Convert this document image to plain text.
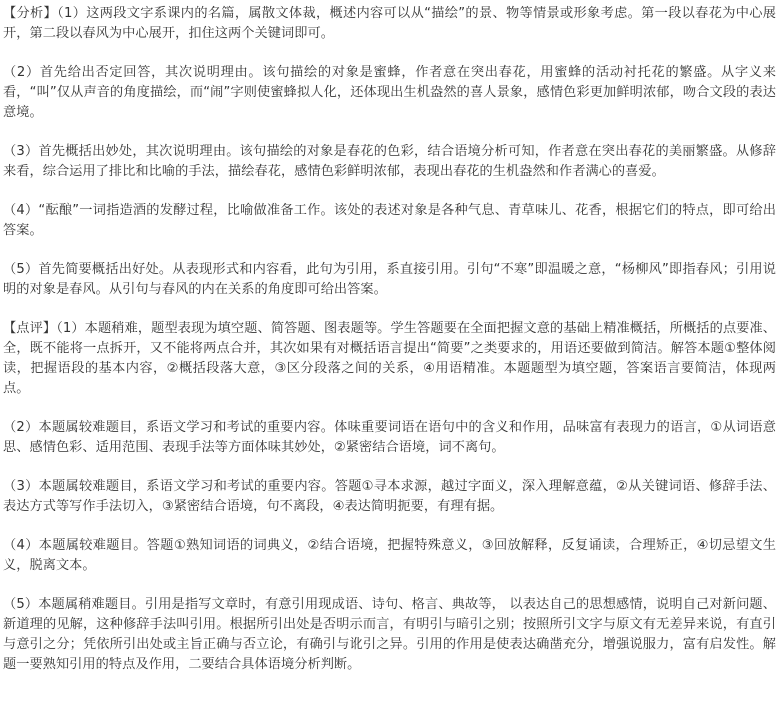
【分析】（1）这两段文字系课内的名篇，属散文体裁，概述内容可以从“描绘”的景、物等情景或形象考虑。第一段以春花为中心展开，第二段以春风为中心展开，扣住这两个关键词即可。

（2）首先给出否定回答，其次说明理由。该句描绘的对象是蜜蜂，作者意在突出春花，用蜜蜂的活动衬托花的繁盛。从字义来看，“叫”仅从声音的角度描绘，而“闹”字则使蜜蜂拟人化，还体现出生机盎然的喜人景象，感情色彩更加鲜明浓郁，吻合文段的表达意境。

（3）首先概括出妙处，其次说明理由。该句描绘的对象是春花的色彩，结合语境分析可知，作者意在突出春花的美丽繁盛。从修辞来看，综合运用了排比和比喻的手法，描绘春花，感情色彩鲜明浓郁，表现出春花的生机盎然和作者满心的喜爱。

（4）“酝酿”一词指造酒的发酵过程，比喻做准备工作。该处的表述对象是各种气息、青草味儿、花香，根据它们的特点，即可给出答案。

（5）首先简要概括出好处。从表现形式和内容看，此句为引用，系直接引用。引句“不寒”即温暖之意，“杨柳风”即指春风；引用说明的对象是春风。从引句与春风的内在关系的角度即可给出答案。

【点评】（1）本题稍难，题型表现为填空题、简答题、图表题等。学生答题要在全面把握文意的基础上精准概括，所概括的点要准、全，既不能将一点拆开，又不能将两点合并，其次如果有对概括语言提出“简要”之类要求的，用语还要做到简洁。解答本题①整体阅读，把握语段的基本内容，②概括段落大意，③区分段落之间的关系，④用语精准。本题题型为填空题，答案语言要简洁，体现两点。

（2）本题属较难题目，系语文学习和考试的重要内容。体味重要词语在语句中的含义和作用，品味富有表现力的语言，①从词语意思、感情色彩、适用范围、表现手法等方面体味其妙处，②紧密结合语境，词不离句。

（3）本题属较难题目，系语文学习和考试的重要内容。答题①寻本求源，越过字面义，深入理解意蕴，②从关键词语、修辞手法、表达方式等写作手法切入，③紧密结合语境，句不离段，④表达简明扼要，有理有据。

（4）本题属较难题目。答题①熟知词语的词典义，②结合语境，把握特殊意义，③回放解释，反复诵读，合理矫正，④切忌望文生义，脱离文本。

（5）本题属稍难题目。引用是指写文章时，有意引用现成语、诗句、格言、典故等， 以表达自己的思想感情，说明自己对新问题、新道理的见解，这种修辞手法叫引用。根据所引出处是否明示而言，有明引与暗引之别；按照所引文字与原文有无差异来说，有直引与意引之分；凭依所引出处或主旨正确与否立论，有确引与讹引之异。引用的作用是使表达确凿充分，增强说服力，富有启发性。解题一要熟知引用的特点及作用，二要结合具体语境分析判断。
